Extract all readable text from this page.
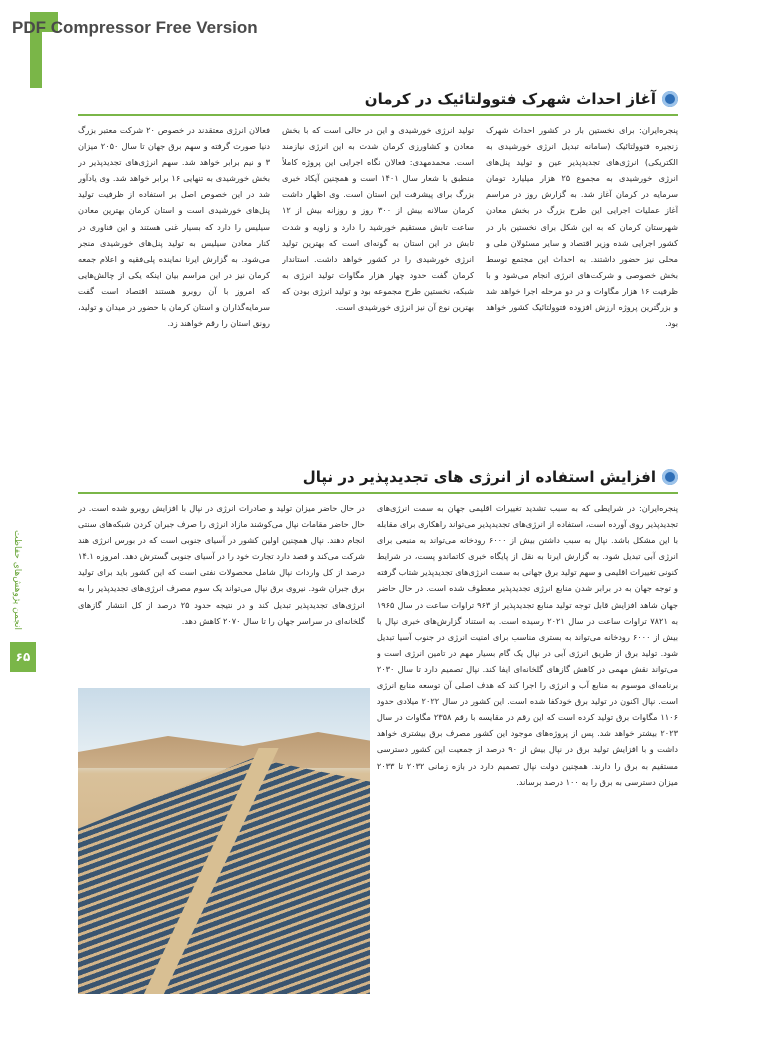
PDF Compressor Free Version
انجمن پژوهش‌های حفاظت
۶۵
آغاز احداث شهرک فتوولتائیک در کرمان

پنجره‌ایران: برای نخستین بار در کشور احداث شهرک زنجیره فتوولتائیک (سامانه تبدیل انرژی خورشیدی به الکتریکی) انرژی‌های تجدیدپذیر عین و تولید پنل‌های انرژی خورشیدی به مجموع ۲۵ هزار میلیارد تومان سرمایه در کرمان آغاز شد. به گزارش روز در مراسم آغاز عملیات اجرایی این طرح بزرگ در بخش معادن شهرستان کرمان که به این شکل برای نخستین بار در کشور اجرایی شده وزیر اقتصاد و سایر مسئولان ملی و محلی نیز حضور داشتند. به احداث این مجتمع توسط بخش خصوصی و شرکت‌های انرژی انجام می‌شود و با ظرفیت ۱۶ هزار مگاوات و در دو مرحله اجرا خواهد شد و بزرگترین پروژه ارزش افزوده فتوولتائیک کشور خواهد بود.

تولید انرژی خورشیدی و این در حالی است که با بخش معادن و کشاورزی کرمان شدت به این انرژی نیازمند است. محمدمهدی: فعالان نگاه اجرایی این پروژه کاملاً منطبق با شعار سال ۱۴۰۱ است و همچنین آیکاد خبری بزرگ برای پیشرفت این استان است. وی اظهار داشت کرمان سالانه بیش از ۳۰۰ روز و روزانه بیش از ۱۲ ساعت تابش مستقیم خورشید را دارد و زاویه و شدت تابش در این استان به گونه‌ای است که بهترین تولید انرژی خورشیدی را در کشور خواهد داشت. استاندار کرمان گفت حدود چهار هزار مگاوات تولید انرژی به شبکه، نخستین طرح مجموعه بود و تولید انرژی بودن که بهترین نوع آن نیز انرژی خورشیدی است.

فعالان انرژی معتقدند در خصوص ۲۰ شرکت معتبر بزرگ دنیا صورت گرفته و سهم برق جهان تا سال ۲۰۵۰ میزان ۳ و نیم برابر خواهد شد. سهم انرژی‌های تجدیدپذیر در بخش خورشیدی به تنهایی ۱۶ برابر خواهد شد. وی یادآور شد در این خصوص اصل بر استفاده از ظرفیت تولید پنل‌های خورشیدی است و استان کرمان بهترین معادن سیلیس را دارد که بسیار غنی هستند و این فناوری در کنار معادن سیلیس به تولید پنل‌های خورشیدی منجر می‌شود. به گزارش ایرنا نماینده پلی‌فقیه و اعلام جمعه کرمان نیز در این مراسم بیان اینکه یکی از چالش‌هایی که امروز با آن روبرو هستند اقتصاد است گفت سرمایه‌گذاران و استان کرمان با حضور در میدان و تولید، رونق استان را رقم خواهند زد.

افزایش استفاده از انرژی های تجدیدپذیر در نپال

پنجره‌ایران: در شرایطی که به سبب تشدید تغییرات اقلیمی جهان به سمت انرژی‌های تجدیدپذیر روی آورده است، استفاده از انرژی‌های تجدیدپذیر می‌تواند راهکاری برای مقابله با این مشکل باشد. نپال به سبب داشتن بیش از ۶۰۰۰ رودخانه می‌تواند به منبعی برای انرژی آبی تبدیل شود. به گزارش ایرنا به نقل از پایگاه خبری کاتماندو پست، در شرایط کنونی تغییرات اقلیمی و سهم تولید برق جهانی به سمت انرژی‌های تجدیدپذیر شتاب گرفته و توجه جهان به در برابر شدن منابع انرژی تجدیدپذیر معطوف شده است. در حال حاضر جهان شاهد افزایش قابل توجه تولید منابع تجدیدپذیر از ۹۶۳ تراوات ساعت در سال ۱۹۶۵ به ۷۸۲۱ تراوات ساعت در سال ۲۰۲۱ رسیده است. به استناد گزارش‌های خبری نپال با بیش از ۶۰۰۰ رودخانه می‌تواند به بستری مناسب برای امنیت انرژی در جنوب آسیا تبدیل شود. تولید برق از طریق انرژی آبی در نپال یک گام بسیار مهم در تامین انرژی است و می‌تواند نقش مهمی در کاهش گازهای گلخانه‌ای ایفا کند. نپال تصمیم دارد تا سال ۲۰۳۰ برنامه‌ای موسوم به منابع آب و انرژی را اجرا کند که هدف اصلی آن توسعه منابع انرژی است. نپال اکنون در تولید برق خودکفا شده است. این کشور در سال ۲۰۲۲ میلادی حدود ۱۱۰۶ مگاوات برق تولید کرده است که این رقم در مقایسه با رقم ۲۳۵۸ مگاوات در سال ۲۰۲۳ بیشتر خواهد شد. پس از پروژه‌های موجود این کشور مصرف برق بیشتری خواهد داشت و با افزایش تولید برق در نپال بیش از ۹۰ درصد از جمعیت این کشور دسترسی مستقیم به برق را دارند. همچنین دولت نپال تصمیم دارد در بازه زمانی ۲۰۳۲ تا ۲۰۳۳ میزان دسترسی به برق را به ۱۰۰ درصد برساند.

در حال حاضر میزان تولید و صادرات انرژی در نپال با افزایش روبرو شده است. در حال حاضر مقامات نپال می‌کوشند مازاد انرژی را صرف جبران کردن شبکه‌های سنتی انجام دهند. نپال همچنین اولین کشور در آسیای جنوبی است که در بورس انرژی هند شرکت می‌کند و قصد دارد تجارت خود را در آسیای جنوبی گسترش دهد. امروزه ۱۴.۱ درصد از کل واردات نپال شامل محصولات نفتی است که این کشور باید برای تولید برق جبران شود. نیروی برق نپال می‌تواند یک سوم مصرف انرژی‌های تجدیدپذیر را به انرژی‌های تجدیدپذیر تبدیل کند و در نتیجه حدود ۲۵ درصد از کل انتشار گازهای گلخانه‌ای در سراسر جهان را تا سال ۲۰۷۰ کاهش دهد.
